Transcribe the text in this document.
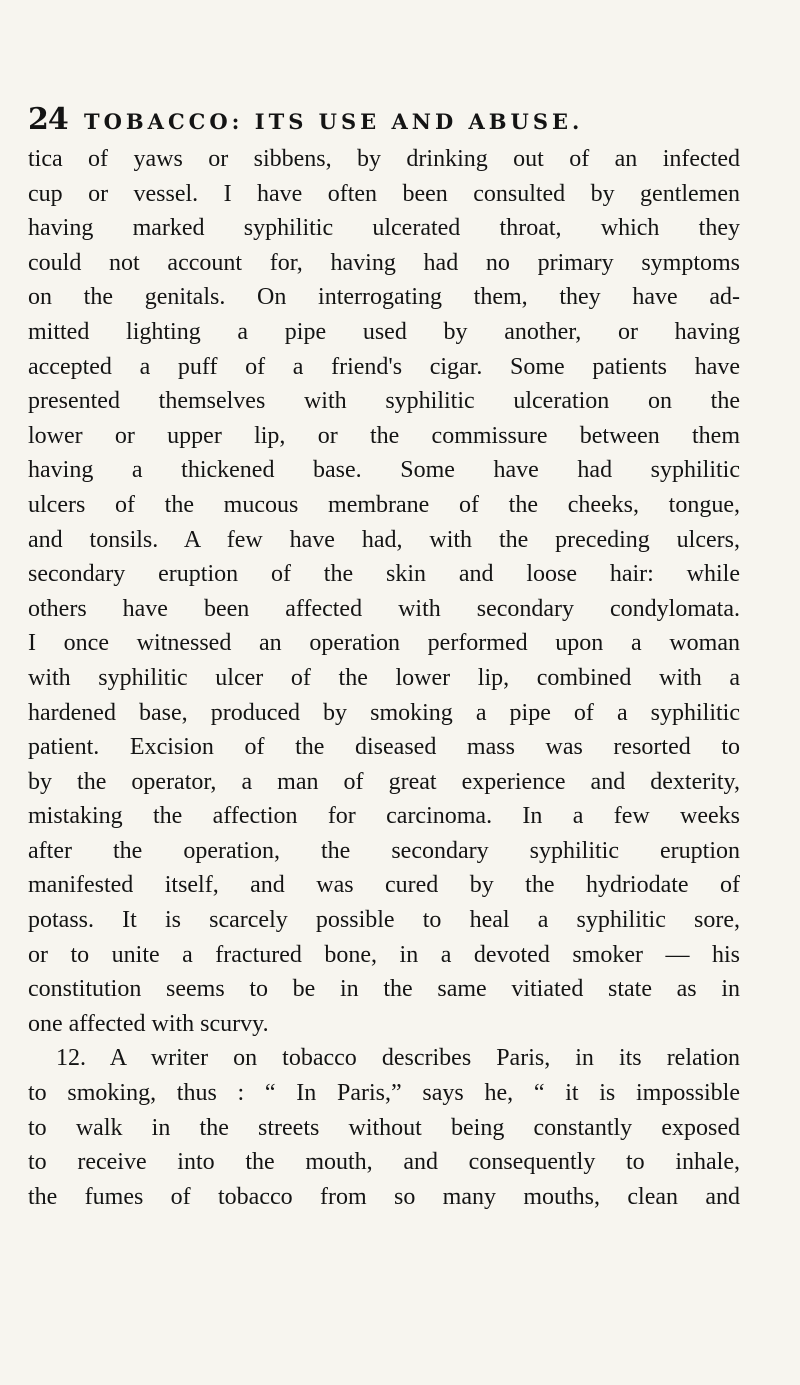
24 TOBACCO: ITS USE AND ABUSE.
tica of yaws or sibbens, by drinking out of an infected
cup or vessel. I have often been consulted by gentlemen
having marked syphilitic ulcerated throat, which they
could not account for, having had no primary symptoms
on the genitals. On interrogating them, they have ad-
mitted lighting a pipe used by another, or having
accepted a puff of a friend's cigar. Some patients have
presented themselves with syphilitic ulceration on the
lower or upper lip, or the commissure between them
having a thickened base. Some have had syphilitic
ulcers of the mucous membrane of the cheeks, tongue,
and tonsils. A few have had, with the preceding ulcers,
secondary eruption of the skin and loose hair: while
others have been affected with secondary condylomata.
I once witnessed an operation performed upon a woman
with syphilitic ulcer of the lower lip, combined with a
hardened base, produced by smoking a pipe of a syphilitic
patient. Excision of the diseased mass was resorted to
by the operator, a man of great experience and dexterity,
mistaking the affection for carcinoma. In a few weeks
after the operation, the secondary syphilitic eruption
manifested itself, and was cured by the hydriodate of
potass. It is scarcely possible to heal a syphilitic sore,
or to unite a fractured bone, in a devoted smoker — his
constitution seems to be in the same vitiated state as in
one affected with scurvy.
12. A writer on tobacco describes Paris, in its relation
to smoking, thus : “ In Paris,” says he, “ it is impossible
to walk in the streets without being constantly exposed
to receive into the mouth, and consequently to inhale,
the fumes of tobacco from so many mouths, clean and
